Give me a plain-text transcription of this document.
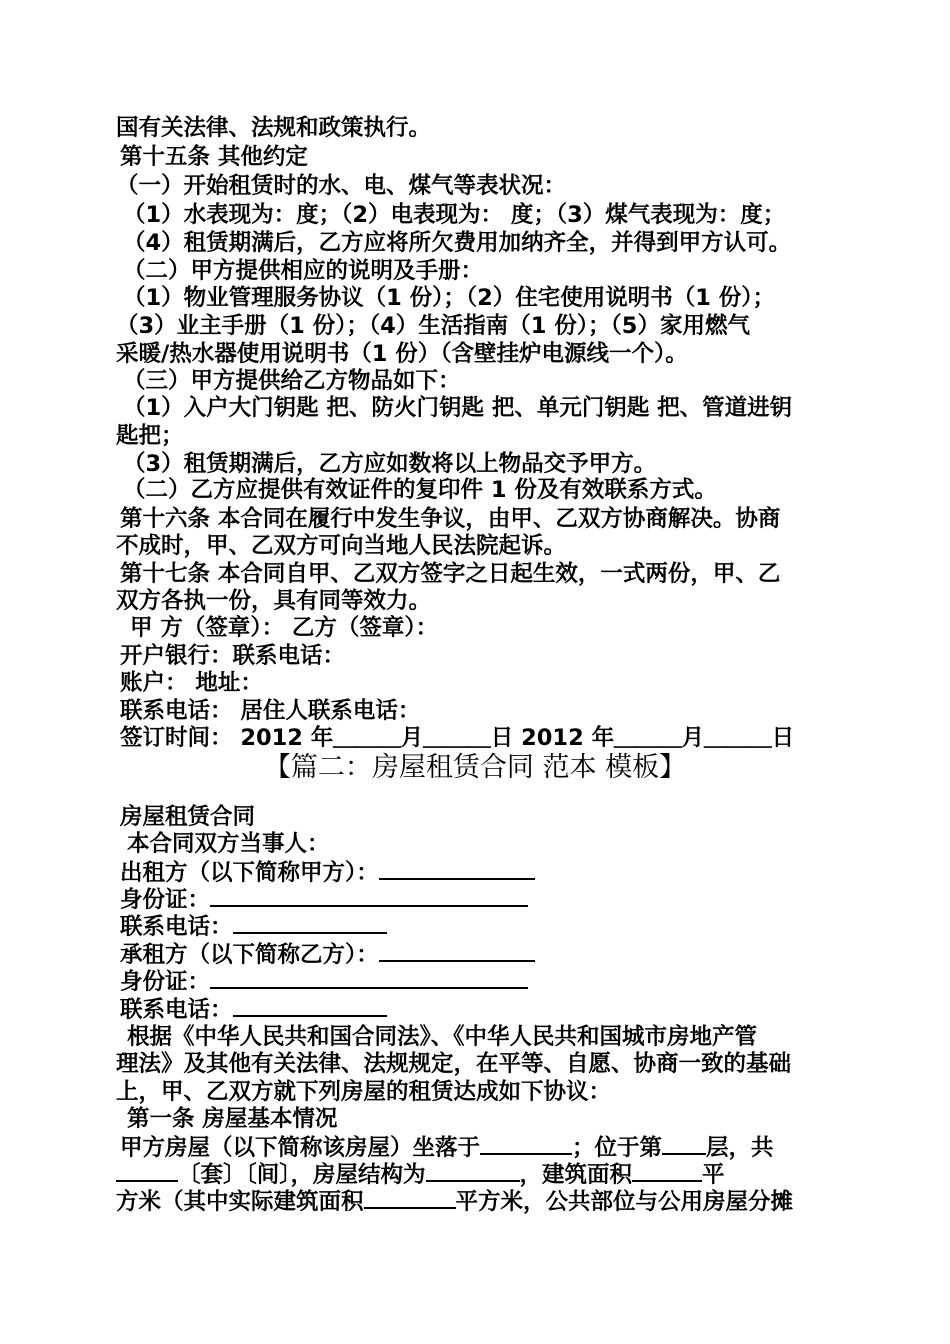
国有关法律、法规和政策执行。
第十五条 其他约定
（一）开始租赁时的水、电、煤气等表状况：
（1）水表现为：度；（2）电表现为： 度；（3）煤气表现为：度；
（4）租赁期满后，乙方应将所欠费用加纳齐全，并得到甲方认可。
（二）甲方提供相应的说明及手册：
（1）物业管理服务协议（1 份）；（2）住宅使用说明书（1 份）；
（3）业主手册（1 份）；（4）生活指南（1 份）；（5）家用燃气
采暖/热水器使用说明书（1 份）（含壁挂炉电源线一个）。
（三）甲方提供给乙方物品如下：
（1）入户大门钥匙 把、防火门钥匙 把、单元门钥匙 把、管道进钥
匙把；
（3）租赁期满后，乙方应如数将以上物品交予甲方。
（二）乙方应提供有效证件的复印件 1 份及有效联系方式。
第十六条 本合同在履行中发生争议，由甲、乙双方协商解决。协商
不成时，甲、乙双方可向当地人民法院起诉。
第十七条 本合同自甲、乙双方签字之日起生效，一式两份，甲、乙
双方各执一份，具有同等效力。
甲 方（签章）： 乙方（签章）：
开户银行：联系电话：
账户： 地址：
联系电话： 居住人联系电话：
签订时间： 2012 年＿＿＿月＿＿＿日 2012 年＿＿＿月＿＿＿日
【篇二：房屋租赁合同 范本 模板】
房屋租赁合同
本合同双方当事人：
出租方（以下简称甲方）：
身份证：
联系电话：
承租方（以下简称乙方）：
身份证：
联系电话：
根据《中华人民共和国合同法》、《中华人民共和国城市房地产管
理法》及其他有关法律、法规规定，在平等、自愿、协商一致的基础
上，甲、乙双方就下列房屋的租赁达成如下协议：
第一条 房屋基本情况
甲方房屋（以下简称该房屋）坐落于	；位于第 层，共
〔套〕〔间〕，房屋结构为	，建筑面积	平
方米（其中实际建筑面积	平方米，公共部位与公用房屋分摊
